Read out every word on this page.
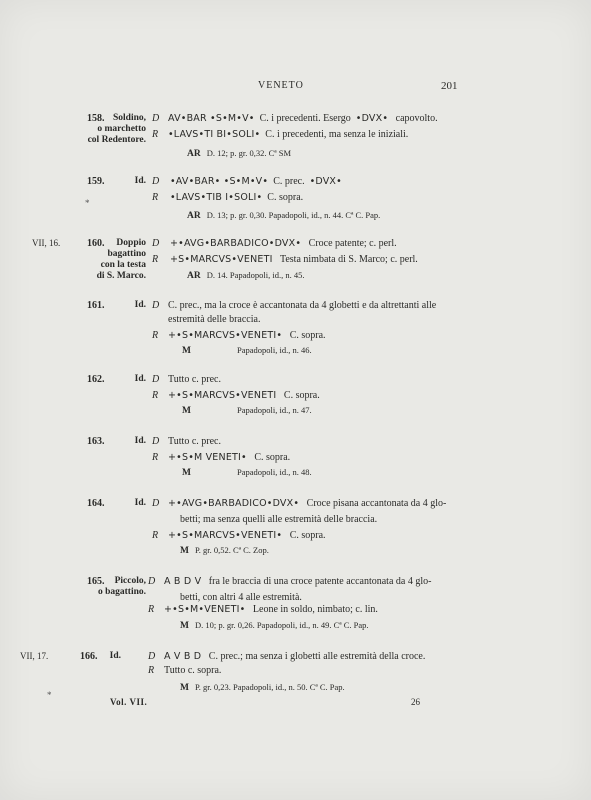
VENETO	201
158. Soldino,
o marchetto
col Redentore.
D AV•BAR •S•M•V• C. i precedenti. Esergo •DVX• capovolto.
R •LAVS•TI BI•SOLI• C. i precedenti, ma senza le iniziali.
AR D. 12; p. gr. 0,32. Cª SM
159.	Id.
*
D •AV•BAR• •S•M•V• C. prec. •DVX•
R •LAVS•TIB I•SOLI• C. sopra.
AR D. 13; p. gr. 0,30. Papadopoli, id., n. 44. Cª C. Pap.
VII, 16.	160.	Doppio
bagattino
con la testa
di S. Marco.
D +•AVG•BARBADICO•DVX• Croce patente; c. perl.
R +S•MARCVS•VENETI Testa nimbata di S. Marco; c. perl.
AR D. 14. Papadopoli, id., n. 45.
161.	Id. D C. prec., ma la croce è accantonata da 4 globetti e da altrettanti alle
estremità delle braccia.
R +•S•MARCVS•VENETI• C. sopra.
M	Papadopoli, id., n. 46.
162.	Id. D Tutto c. prec.
R +•S•MARCVS•VENETI C. sopra.
M	Papadopoli, id., n. 47.
163.	Id. D Tutto c. prec.
R +•S•M VENETI• C. sopra.
M	Papadopoli, id., n. 48.
164.	Id. D +•AVG•BARBADICO•DVX• Croce pisana accantonata da 4 glo-
betti; ma senza quelli alle estremità delle braccia.
R +•S•MARCVS•VENETI• C. sopra.
M P. gr. 0,52. Cª C. Zop.
165.	Piccolo,
o bagattino.
D A B D V fra le braccia di una croce patente accantonata da 4 glo-
betti, con altri 4 alle estremità.
R +•S•M•VENETI• Leone in soldo, nimbato; c. lin.
M D. 10; p. gr. 0,26. Papadopoli, id., n. 49. Cª C. Pap.
VII, 17.	166. Id.	D A V B D C. prec.; ma senza i globetti alle estremità della croce.
R Tutto c. sopra.
M P. gr. 0,23. Papadopoli, id., n. 50. Cª C. Pap.
*
Vol. VII.	26
